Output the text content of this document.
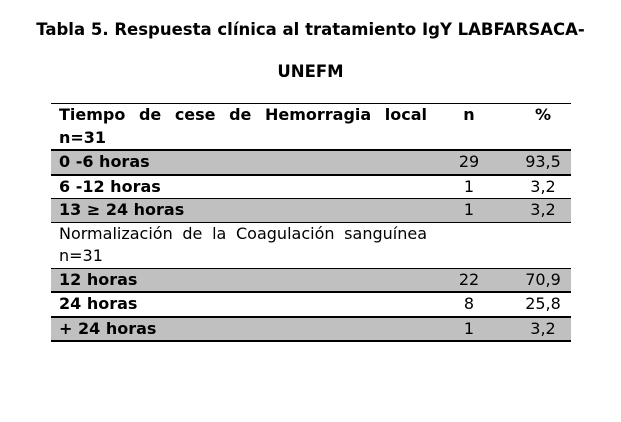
Tabla 5. Respuesta clínica al tratamiento IgY LABFARSACA-
UNEFM
Tiempo de cese de Hemorragia local n=31	n	%
0 -6 horas	29	93,5
6 -12 horas	1	3,2
13 ≥ 24 horas	1	3,2
Normalización de la Coagulación sanguínea n=31		
12 horas	22	70,9
24 horas	8	25,8
+ 24 horas	1	3,2
